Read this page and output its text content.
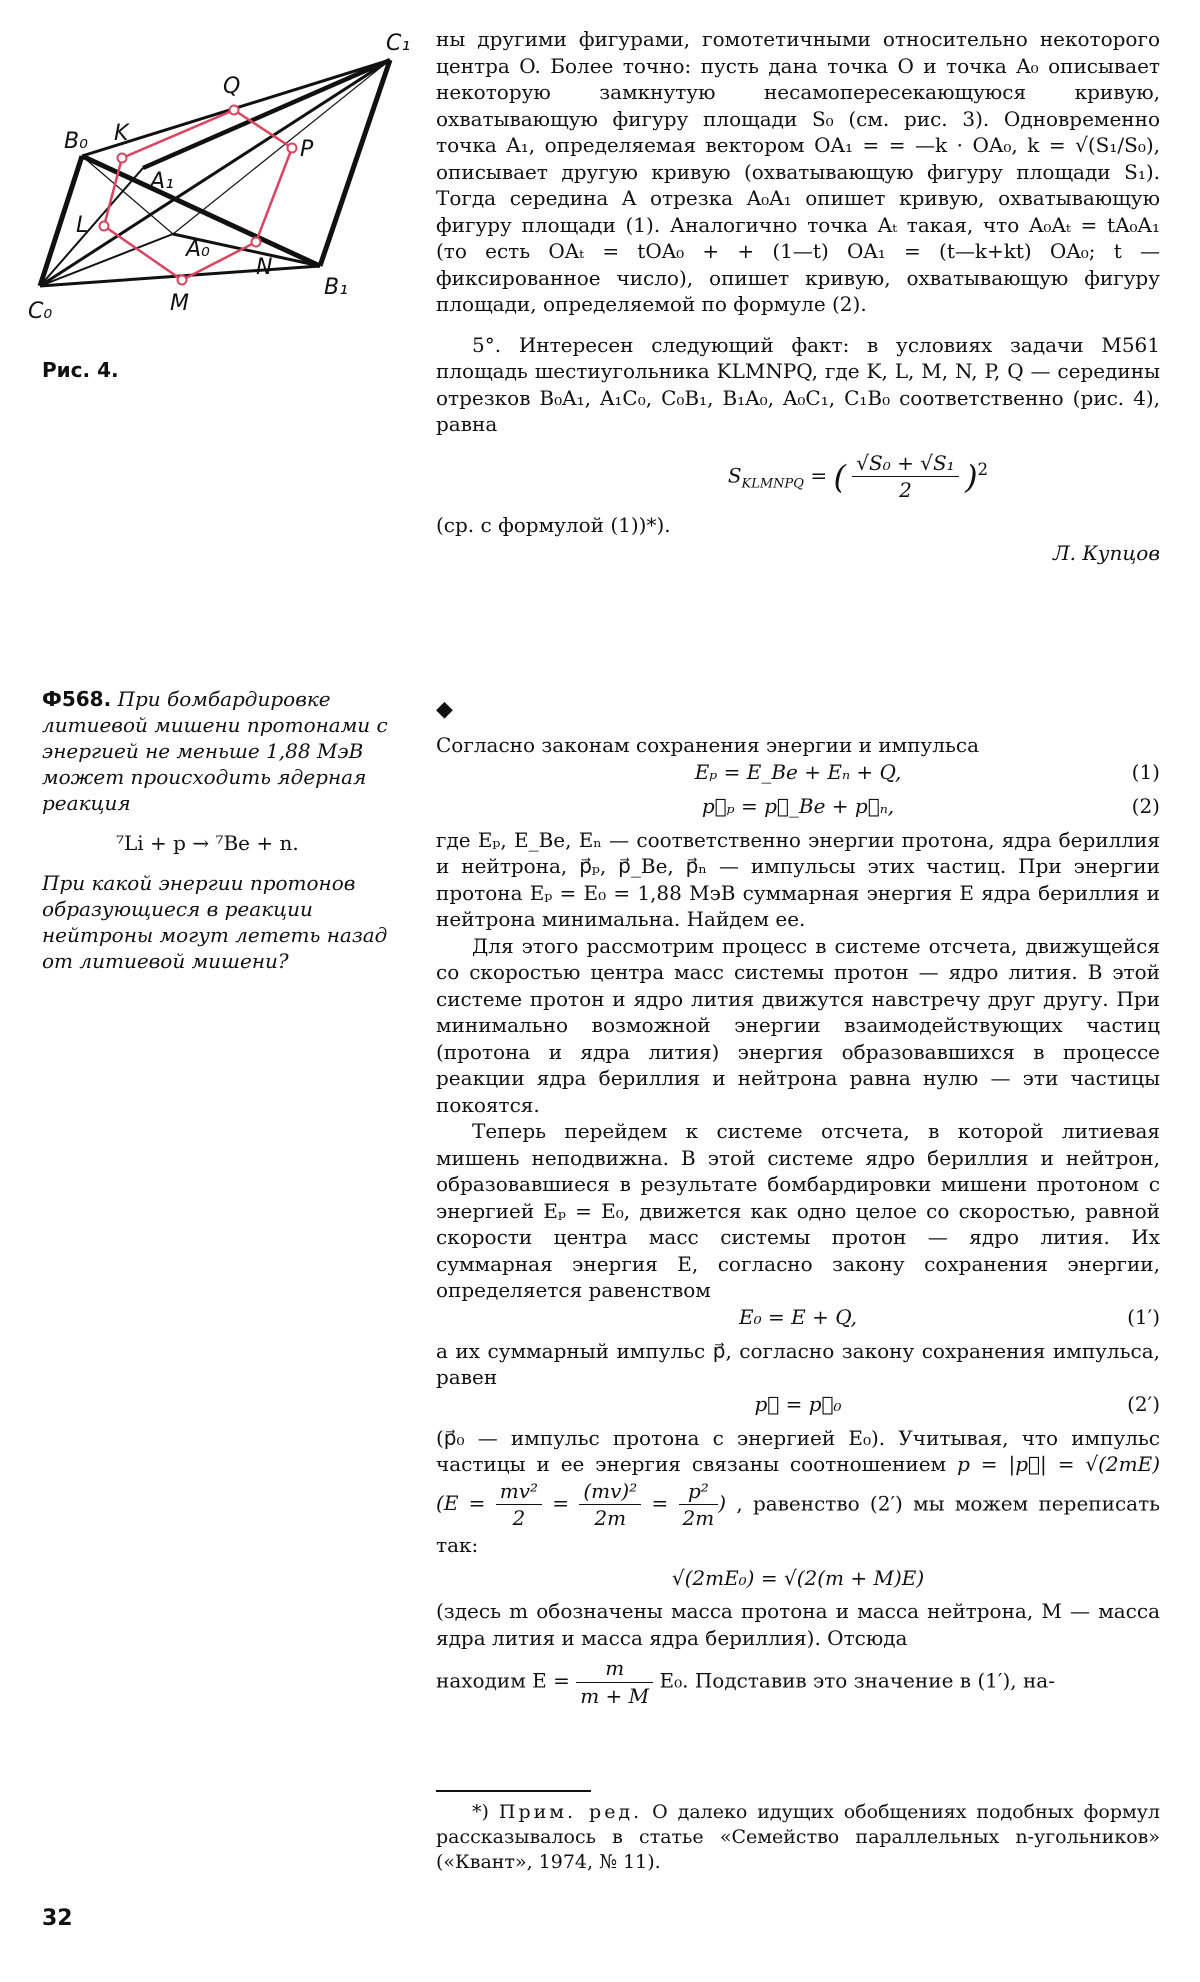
C₁
Q
B₀ K
A₁
P
L
A₀
N
B₁
C₀	M
Рис. 4.

ны другими фигурами, гомотетичными относительно некоторого центра O. Более точно: пусть дана точка O и точка A₀ описывает некоторую замкнутую несамопересекающуюся кривую, охватывающую фигуру площади S₀ (см. рис. 3). Одновременно точка A₁, определяемая вектором OA₁ = = —k · OA₀, k = √(S₁/S₀), описывает другую кривую (охватывающую фигуру площади S₁). Тогда середина A отрезка A₀A₁ опишет кривую, охватывающую фигуру площади (1). Аналогично точка Aₜ такая, что A₀Aₜ = tA₀A₁ (то есть OAₜ = tOA₀ + + (1—t) OA₁ = (t—k+kt) OA₀; t — фиксированное число), опишет кривую, охватывающую фигуру площади, определяемой по формуле (2).

5°. Интересен следующий факт: в условиях задачи М561 площадь шестиугольника KLMNPQ, где K, L, M, N, P, Q — середины отрезков B₀A₁, A₁C₀, C₀B₁, B₁A₀, A₀C₁, C₁B₀ соответственно (рис. 4), равна

$S_{KLMNPQ}$ = ( $\frac{\text{√S₀ + √S₁}}{2} )^2$

(ср. с формулой (1))*).

Л. Купцов

Ф568. При бомбардировке литиевой мишени протонами с энергией не меньше 1,88 МэВ может происходить ядерная реакция
⁷Li + p → ⁷Be + n.
При какой энергии протонов образующиеся в реакции нейтроны могут лететь назад от литиевой мишени?
◆

Согласно законам сохранения энергии и импульса

Eₚ = E_Be + Eₙ + Q,	(1)
p⃗ₚ = p⃗_Be + p⃗ₙ,	(2)

где Eₚ, E_Be, Eₙ — соответственно энергии протона, ядра бериллия и нейтрона, p⃗ₚ, p⃗_Be, p⃗ₙ — импульсы этих частиц. При энергии протона Eₚ = E₀ = 1,88 МэВ суммарная энергия E ядра бериллия и нейтрона минимальна. Найдем ее.

Для этого рассмотрим процесс в системе отсчета, движущейся со скоростью центра масс системы протон — ядро лития. В этой системе протон и ядро лития движутся навстречу друг другу. При минимально возможной энергии взаимодействующих частиц (протона и ядра лития) энергия образовавшихся в процессе реакции ядра бериллия и нейтрона равна нулю — эти частицы покоятся.

Теперь перейдем к системе отсчета, в которой литиевая мишень неподвижна. В этой системе ядро бериллия и нейтрон, образовавшиеся в результате бомбардировки мишени протоном с энергией Eₚ = E₀, движется как одно целое со скоростью, равной скорости центра масс системы протон — ядро лития. Их суммарная энергия E, согласно закону сохранения энергии, определяется равенством

E₀ = E + Q,	(1′)

а их суммарный импульс p⃗, согласно закону сохранения импульса, равен

p⃗ = p⃗₀	(2′)

(p⃗₀ — импульс протона с энергией E₀). Учитывая, что импульс частицы и ее энергия связаны соотношением p = |p⃗| = √(2mE) ($E = \frac{\text{mv²}}{2} = \frac{\text{(mv)²}}{2m} = \frac{\text{p²}}{2m}$ ) , равенство (2′) мы можем переписать так:

√(2mE₀) = √(2(m + M)E)

(здесь m обозначены масса протона и масса нейтрона, M — масса ядра лития и масса ядра бериллия). Отсюда

находим $E = \frac{m}{m + M} E_0$. Подставив это значение в (1′), на-

*) Прим. ред. О далеко идущих обобщениях подобных формул рассказывалось в статье «Семейство параллельных n-угольников» («Квант», 1974, № 11).

32
